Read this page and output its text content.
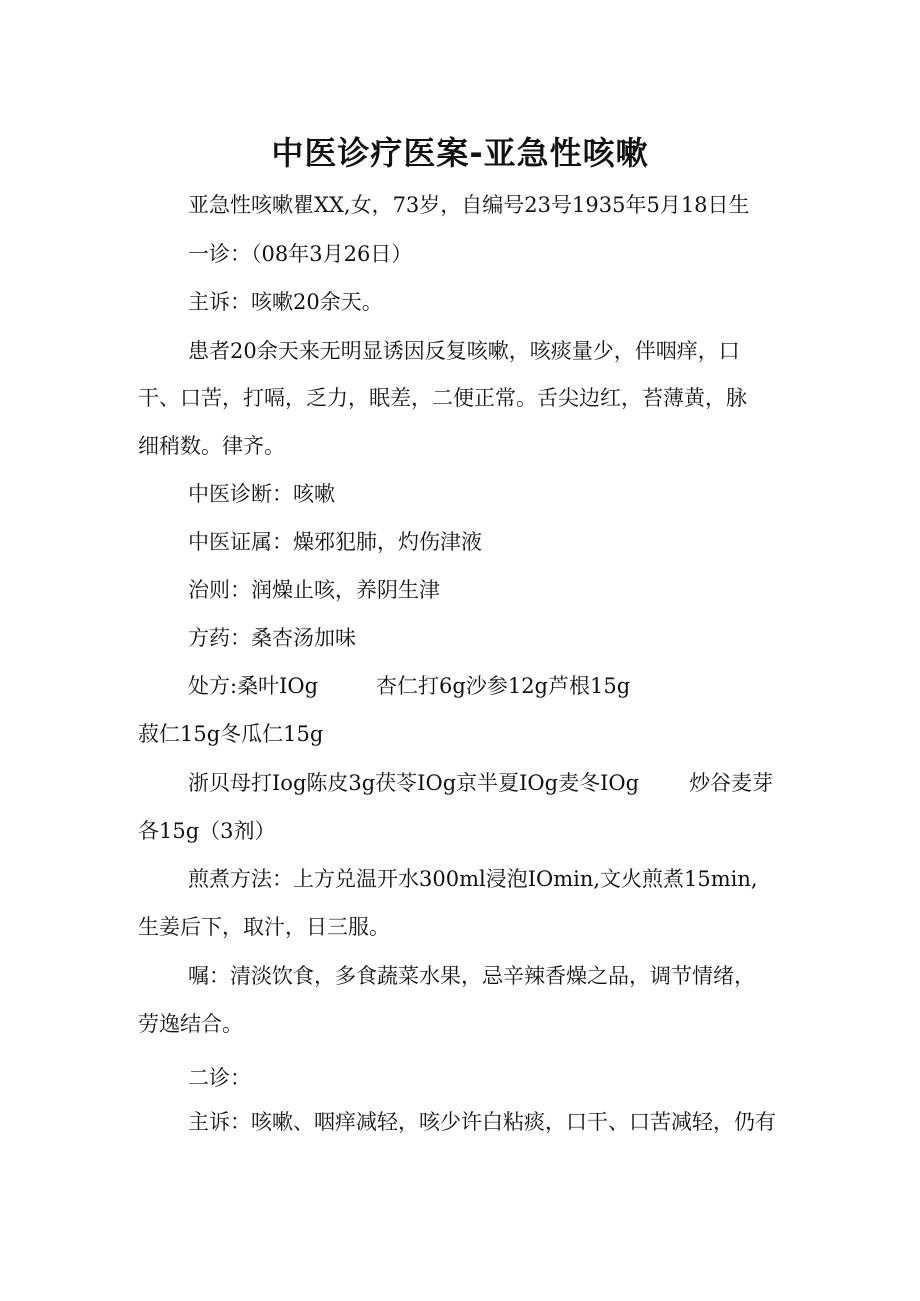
中医诊疗医案-亚急性咳嗽
亚急性咳嗽瞿XX,女，73岁，自编号23号1935年5月18日生
一诊：（08年3月26日）
主诉：咳嗽20余天。
患者20余天来无明显诱因反复咳嗽，咳痰量少，伴咽痒，口
干、口苦，打嗝，乏力，眠差，二便正常。舌尖边红，苔薄黄，脉
细稍数。律齐。
中医诊断：咳嗽
中医证属：燥邪犯肺，灼伤津液
治则：润燥止咳，养阴生津
方药：桑杏汤加味
处方:桑叶IOg	杏仁打6g沙参12g芦根15g
菽仁15g冬瓜仁15g
浙贝母打Iog陈皮3g茯苓IOg京半夏IOg麦冬IOg 炒谷麦芽
各15g（3剂）
煎煮方法：上方兑温开水300ml浸泡IOmin,文火煎煮15min,
生姜后下，取汁，日三服。
嘱：清淡饮食，多食蔬菜水果，忌辛辣香燥之品，调节情绪，
劳逸结合。
二诊：
主诉：咳嗽、咽痒减轻，咳少许白粘痰，口干、口苦减轻，仍有
